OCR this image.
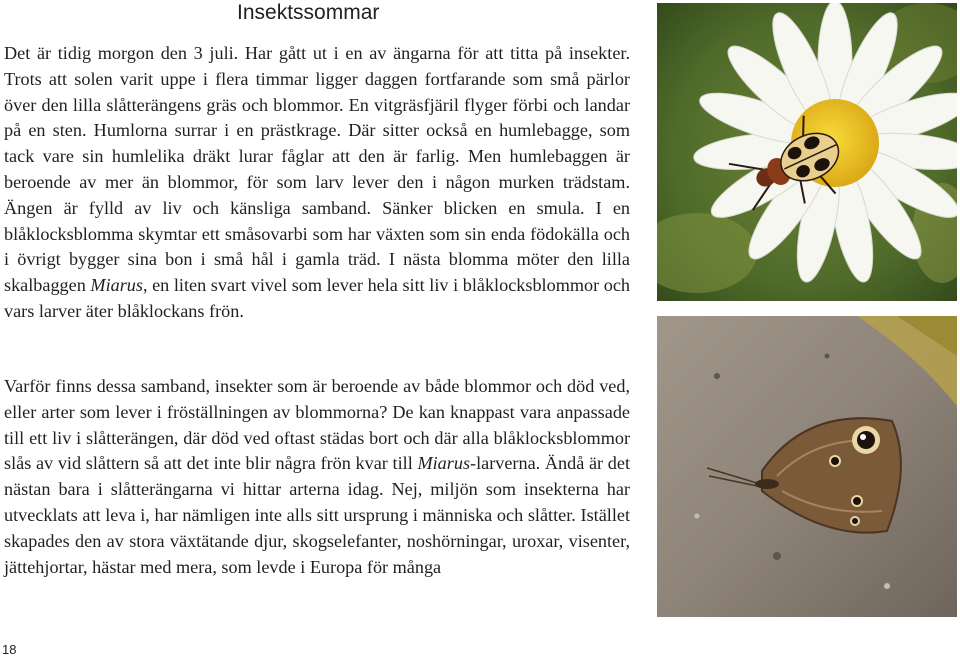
Insektssommar

Det är tidig morgon den 3 juli. Har gått ut i en av ängarna för att titta på insekter. Trots att solen varit uppe i flera timmar ligger daggen fortfarande som små pärlor över den lilla slåtterängens gräs och blommor. En vitgräsfjäril flyger förbi och landar på en sten. Humlorna surrar i en prästkrage. Där sitter också en humlebagge, som tack vare sin humlelika dräkt lurar fåglar att den är farlig. Men humlebaggen är beroende av mer än blommor, för som larv lever den i någon murken trädstam. Ängen är fylld av liv och känsliga samband. Sänker blicken en smula. I en blåklocksblomma skymtar ett småsovarbi som har växten som sin enda födokälla och i övrigt bygger sina bon i små hål i gamla träd. I nästa blomma möter den lilla skalbaggen Miarus, en liten svart vivel som lever hela sitt liv i blåklocksblommor och vars larver äter blåklockans frön.

Varför finns dessa samband, insekter som är beroende av både blommor och död ved, eller arter som lever i fröställningen av blommorna? De kan knappast vara anpassade till ett liv i slåtterängen, där död ved oftast städas bort och där alla blåklocksblommor slås av vid slåttern så att det inte blir några frön kvar till Miarus-larverna. Ändå är det nästan bara i slåtterängarna vi hittar arterna idag. Nej, miljön som insekterna har utvecklats att leva i, har nämligen inte alls sitt ursprung i människa och slåtter. Istället skapades den av stora växtätande djur, skogselefanter, noshörningar, uroxar, visenter, jättehjortar, hästar med mera, som levde i Europa för många

18
